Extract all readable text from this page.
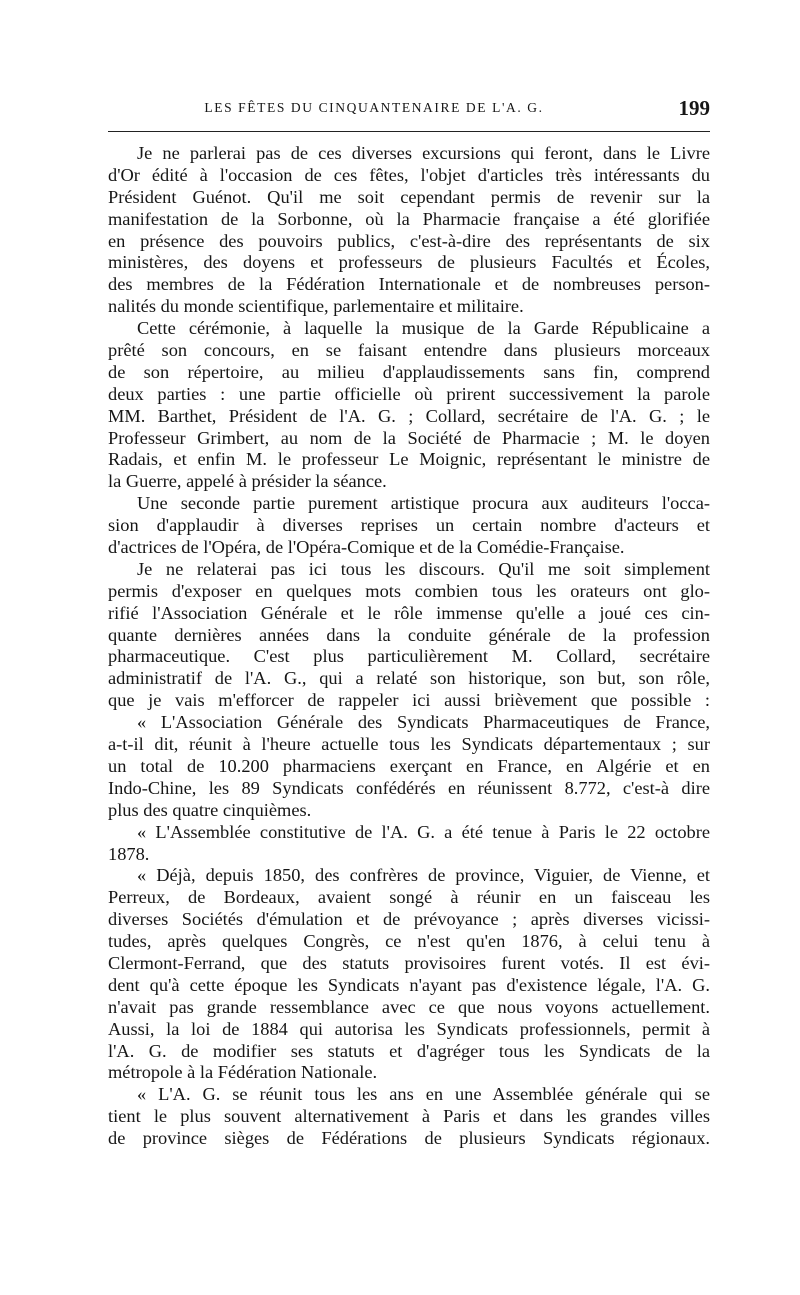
LES FÊTES DU CINQUANTENAIRE DE L'A. G.	199
Je ne parlerai pas de ces diverses excursions qui feront, dans le Livre
d'Or édité à l'occasion de ces fêtes, l'objet d'articles très intéressants du
Président Guénot. Qu'il me soit cependant permis de revenir sur la
manifestation de la Sorbonne, où la Pharmacie française a été glorifiée
en présence des pouvoirs publics, c'est-à-dire des représentants de six
ministères, des doyens et professeurs de plusieurs Facultés et Écoles,
des membres de la Fédération Internationale et de nombreuses person-
nalités du monde scientifique, parlementaire et militaire.
Cette cérémonie, à laquelle la musique de la Garde Républicaine a
prêté son concours, en se faisant entendre dans plusieurs morceaux
de son répertoire, au milieu d'applaudissements sans fin, comprend
deux parties : une partie officielle où prirent successivement la parole
MM. Barthet, Président de l'A. G. ; Collard, secrétaire de l'A. G. ; le
Professeur Grimbert, au nom de la Société de Pharmacie ; M. le doyen
Radais, et enfin M. le professeur Le Moignic, représentant le ministre de
la Guerre, appelé à présider la séance.
Une seconde partie purement artistique procura aux auditeurs l'occa-
sion d'applaudir à diverses reprises un certain nombre d'acteurs et
d'actrices de l'Opéra, de l'Opéra-Comique et de la Comédie-Française.
Je ne relaterai pas ici tous les discours. Qu'il me soit simplement
permis d'exposer en quelques mots combien tous les orateurs ont glo-
rifié l'Association Générale et le rôle immense qu'elle a joué ces cin-
quante dernières années dans la conduite générale de la profession
pharmaceutique. C'est plus particulièrement M. Collard, secrétaire
administratif de l'A. G., qui a relaté son historique, son but, son rôle,
que je vais m'efforcer de rappeler ici aussi brièvement que possible :
« L'Association Générale des Syndicats Pharmaceutiques de France,
a-t-il dit, réunit à l'heure actuelle tous les Syndicats départementaux ; sur
un total de 10.200 pharmaciens exerçant en France, en Algérie et en
Indo-Chine, les 89 Syndicats confédérés en réunissent 8.772, c'est-à dire
plus des quatre cinquièmes.
« L'Assemblée constitutive de l'A. G. a été tenue à Paris le 22 octobre
1878.
« Déjà, depuis 1850, des confrères de province, Viguier, de Vienne, et
Perreux, de Bordeaux, avaient songé à réunir en un faisceau les
diverses Sociétés d'émulation et de prévoyance ; après diverses vicissi-
tudes, après quelques Congrès, ce n'est qu'en 1876, à celui tenu à
Clermont-Ferrand, que des statuts provisoires furent votés. Il est évi-
dent qu'à cette époque les Syndicats n'ayant pas d'existence légale, l'A. G.
n'avait pas grande ressemblance avec ce que nous voyons actuellement.
Aussi, la loi de 1884 qui autorisa les Syndicats professionnels, permit à
l'A. G. de modifier ses statuts et d'agréger tous les Syndicats de la
métropole à la Fédération Nationale.
« L'A. G. se réunit tous les ans en une Assemblée générale qui se
tient le plus souvent alternativement à Paris et dans les grandes villes
de province sièges de Fédérations de plusieurs Syndicats régionaux.
